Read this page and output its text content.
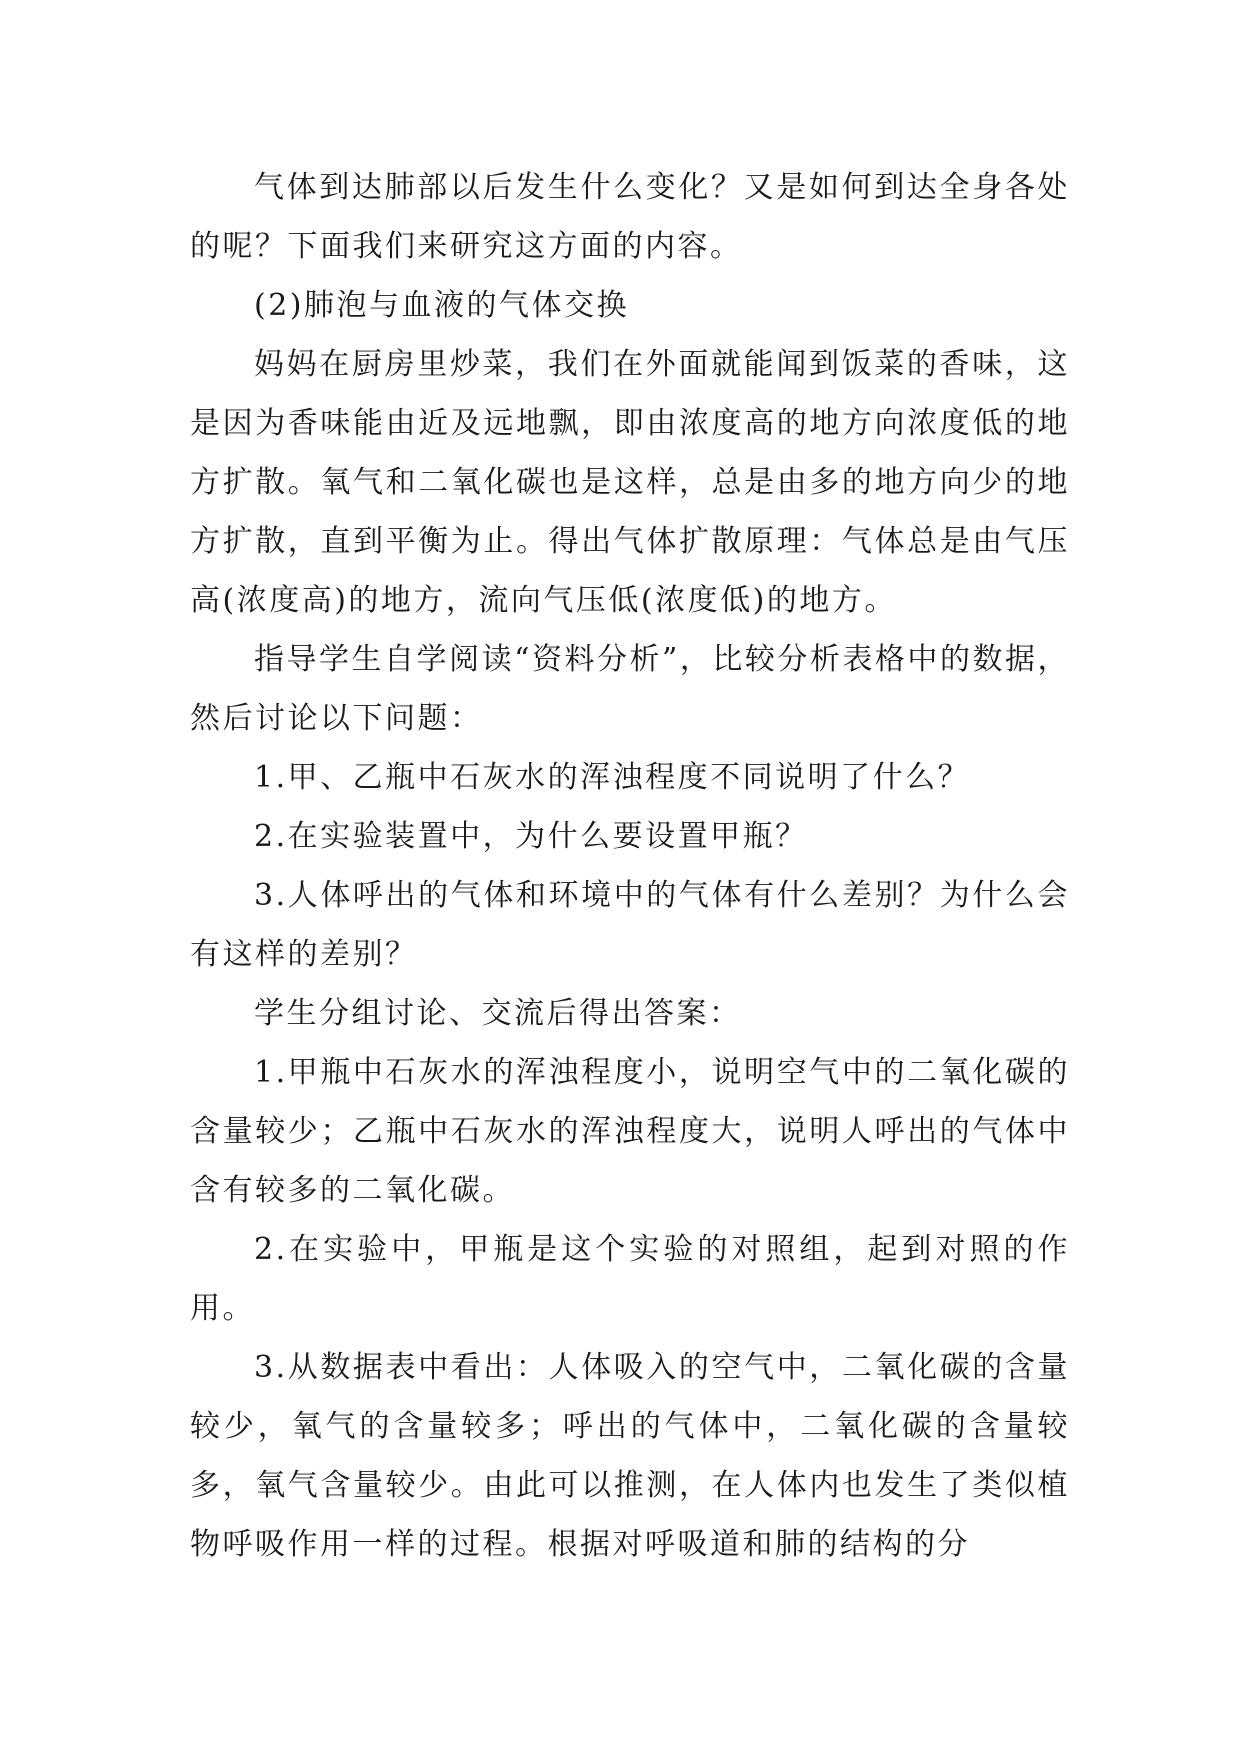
气体到达肺部以后发生什么变化？又是如何到达全身各处的呢？下面我们来研究这方面的内容。

(2)肺泡与血液的气体交换

妈妈在厨房里炒菜，我们在外面就能闻到饭菜的香味，这是因为香味能由近及远地飘，即由浓度高的地方向浓度低的地方扩散。氧气和二氧化碳也是这样，总是由多的地方向少的地方扩散，直到平衡为止。得出气体扩散原理：气体总是由气压高(浓度高)的地方，流向气压低(浓度低)的地方。

指导学生自学阅读“资料分析”，比较分析表格中的数据，然后讨论以下问题：

1.甲、乙瓶中石灰水的浑浊程度不同说明了什么？

2.在实验装置中，为什么要设置甲瓶？

3.人体呼出的气体和环境中的气体有什么差别？为什么会有这样的差别？

学生分组讨论、交流后得出答案：

1.甲瓶中石灰水的浑浊程度小，说明空气中的二氧化碳的含量较少；乙瓶中石灰水的浑浊程度大，说明人呼出的气体中含有较多的二氧化碳。

2.在实验中，甲瓶是这个实验的对照组，起到对照的作用。

3.从数据表中看出：人体吸入的空气中，二氧化碳的含量较少，氧气的含量较多；呼出的气体中，二氧化碳的含量较多，氧气含量较少。由此可以推测，在人体内也发生了类似植物呼吸作用一样的过程。根据对呼吸道和肺的结构的分
